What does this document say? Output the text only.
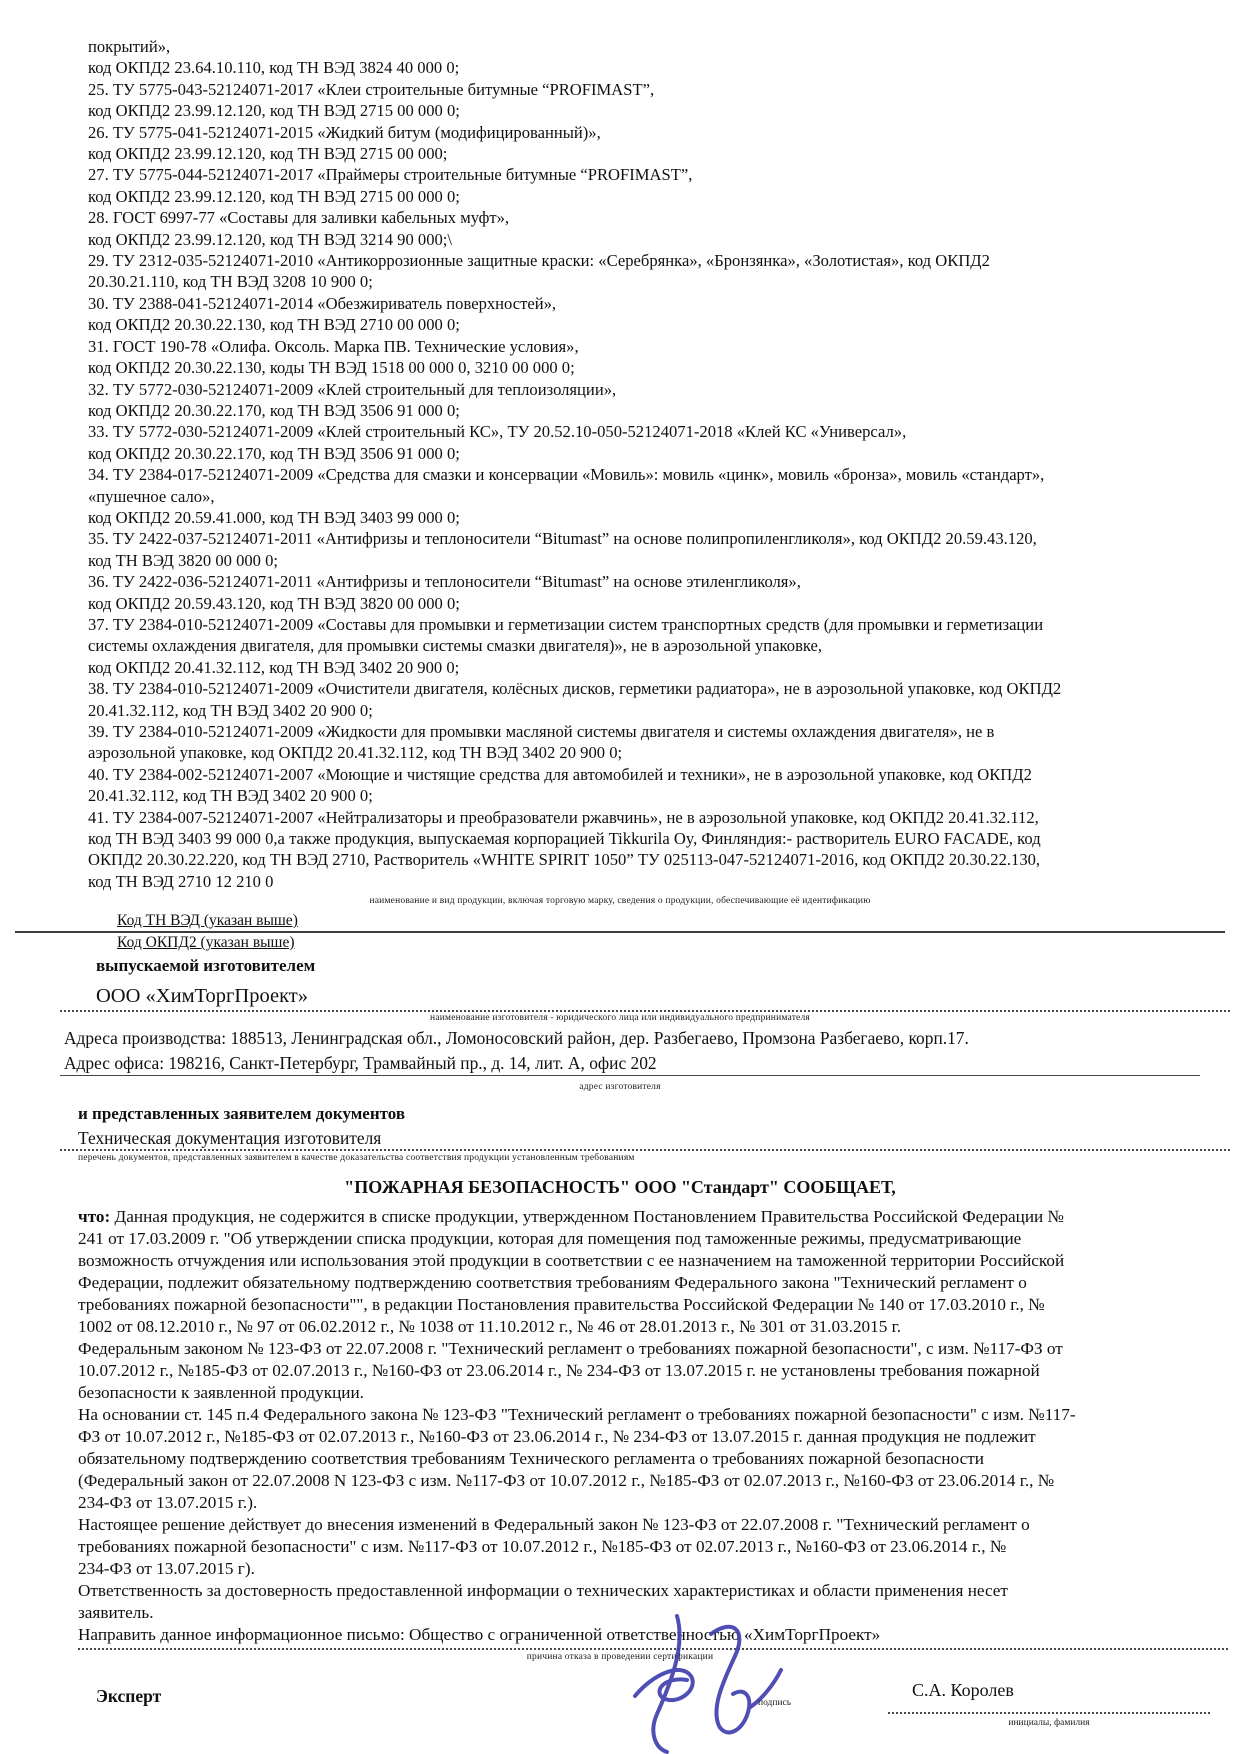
покрытий»,
код ОКПД2 23.64.10.110, код ТН ВЭД 3824 40 000 0;
25. ТУ 5775-043-52124071-2017 «Клеи строительные битумные “PROFIMAST”,
код ОКПД2 23.99.12.120, код ТН ВЭД 2715 00 000 0;
26. ТУ 5775-041-52124071-2015 «Жидкий битум (модифицированный)»,
код ОКПД2 23.99.12.120, код ТН ВЭД 2715 00 000;
27. ТУ 5775-044-52124071-2017 «Праймеры строительные битумные “PROFIMAST”,
код ОКПД2 23.99.12.120, код ТН ВЭД 2715 00 000 0;
28. ГОСТ 6997-77 «Составы для заливки кабельных муфт»,
код ОКПД2 23.99.12.120, код ТН ВЭД 3214 90 000;\
29. ТУ 2312-035-52124071-2010 «Антикоррозионные защитные краски: «Серебрянка», «Бронзянка», «Золотистая», код ОКПД2
20.30.21.110, код ТН ВЭД 3208 10 900 0;
30. ТУ 2388-041-52124071-2014 «Обезжириватель поверхностей»,
код ОКПД2 20.30.22.130, код ТН ВЭД 2710 00 000 0;
31. ГОСТ 190-78 «Олифа. Оксоль. Марка ПВ. Технические условия»,
код ОКПД2 20.30.22.130, коды ТН ВЭД 1518 00 000 0, 3210 00 000 0;
32. ТУ 5772-030-52124071-2009 «Клей строительный для теплоизоляции»,
код ОКПД2 20.30.22.170, код ТН ВЭД 3506 91 000 0;
33. ТУ 5772-030-52124071-2009 «Клей строительный КС», ТУ 20.52.10-050-52124071-2018 «Клей КС «Универсал»,
код ОКПД2 20.30.22.170, код ТН ВЭД 3506 91 000 0;
34. ТУ 2384-017-52124071-2009 «Средства для смазки и консервации «Мовиль»: мовиль «цинк», мовиль «бронза», мовиль «стандарт»,
«пушечное сало»,
код ОКПД2 20.59.41.000, код ТН ВЭД 3403 99 000 0;
35. ТУ 2422-037-52124071-2011 «Антифризы и теплоносители “Bitumast” на основе полипропиленгликоля», код ОКПД2 20.59.43.120,
код ТН ВЭД 3820 00 000 0;
36. ТУ 2422-036-52124071-2011 «Антифризы и теплоносители “Bitumast” на основе этиленгликоля»,
код ОКПД2 20.59.43.120, код ТН ВЭД 3820 00 000 0;
37. ТУ 2384-010-52124071-2009 «Составы для промывки и герметизации систем транспортных средств (для промывки и герметизации
системы охлаждения двигателя, для промывки системы смазки двигателя)», не в аэрозольной упаковке,
код ОКПД2 20.41.32.112, код ТН ВЭД 3402 20 900 0;
38. ТУ 2384-010-52124071-2009 «Очистители двигателя, колёсных дисков, герметики радиатора», не в аэрозольной упаковке, код ОКПД2
20.41.32.112, код ТН ВЭД 3402 20 900 0;
39. ТУ 2384-010-52124071-2009 «Жидкости для промывки масляной системы двигателя и системы охлаждения двигателя», не в
аэрозольной упаковке, код ОКПД2 20.41.32.112, код ТН ВЭД 3402 20 900 0;
40. ТУ 2384-002-52124071-2007 «Моющие и чистящие средства для автомобилей и техники», не в аэрозольной упаковке, код ОКПД2
20.41.32.112, код ТН ВЭД 3402 20 900 0;
41. ТУ 2384-007-52124071-2007 «Нейтрализаторы и преобразователи ржавчинь», не в аэрозольной упаковке, код ОКПД2 20.41.32.112,
код ТН ВЭД 3403 99 000 0,а также продукция, выпускаемая корпорацией Tikkurila Oy, Финляндия:- растворитель EURO FACADE, код
ОКПД2 20.30.22.220, код ТН ВЭД 2710, Растворитель «WHITE SPIRIT 1050” ТУ 025113-047-52124071-2016, код ОКПД2 20.30.22.130,
код ТН ВЭД 2710 12 210 0
наименование и вид продукции, включая торговую марку, сведения о продукции, обеспечивающие её идентификацию
Код ТН ВЭД (указан выше)
Код ОКПД2 (указан выше)
выпускаемой изготовителем
ООО «ХимТоргПроект»
наименование изготовителя - юридического лица или индивидуального предпринимателя
Адреса производства: 188513, Ленинградская обл., Ломоносовский район, дер. Разбегаево, Промзона Разбегаево, корп.17.
Адрес офиса: 198216, Санкт-Петербург, Трамвайный пр., д. 14, лит. А, офис 202
адрес изготовителя
и представленных заявителем документов
Техническая документация изготовителя
перечень документов, представленных заявителем в качестве доказательства соответствия продукции установленным требованиям
"ПОЖАРНАЯ БЕЗОПАСНОСТЬ" ООО "Стандарт" СООБЩАЕТ,
что: Данная продукция, не содержится в списке продукции, утвержденном Постановлением Правительства Российской Федерации №
241 от 17.03.2009 г. "Об утверждении списка продукции, которая для помещения под таможенные режимы, предусматривающие
возможность отчуждения или использования этой продукции в соответствии с ее назначением на таможенной территории Российской
Федерации, подлежит обязательному подтверждению соответствия требованиям Федерального закона "Технический регламент о
требованиях пожарной безопасности"", в редакции Постановления правительства Российской Федерации № 140 от 17.03.2010 г., №
1002 от 08.12.2010 г., № 97 от 06.02.2012 г., № 1038 от 11.10.2012 г., № 46 от 28.01.2013 г., № 301 от 31.03.2015 г.
Федеральным законом № 123-ФЗ от 22.07.2008 г. "Технический регламент о требованиях пожарной безопасности", с изм. №117-ФЗ от
10.07.2012 г., №185-ФЗ от 02.07.2013 г., №160-ФЗ от 23.06.2014 г., № 234-ФЗ от 13.07.2015 г. не установлены требования пожарной
безопасности к заявленной продукции.
На основании ст. 145 п.4 Федерального закона № 123-ФЗ "Технический регламент о требованиях пожарной безопасности" с изм. №117-
ФЗ от 10.07.2012 г., №185-ФЗ от 02.07.2013 г., №160-ФЗ от 23.06.2014 г., № 234-ФЗ от 13.07.2015 г. данная продукция не подлежит
обязательному подтверждению соответствия требованиям Технического регламента о требованиях пожарной безопасности
(Федеральный закон от 22.07.2008 N 123-ФЗ с изм. №117-ФЗ от 10.07.2012 г., №185-ФЗ от 02.07.2013 г., №160-ФЗ от 23.06.2014 г., №
234-ФЗ от 13.07.2015 г.).
Настоящее решение действует до внесения изменений в Федеральный закон № 123-ФЗ от 22.07.2008 г. "Технический регламент о
требованиях пожарной безопасности" с изм. №117-ФЗ от 10.07.2012 г., №185-ФЗ от 02.07.2013 г., №160-ФЗ от 23.06.2014 г., №
234-ФЗ от 13.07.2015 г).
Ответственность за достоверность предоставленной информации о технических характеристиках и области применения несет
заявитель.
Направить данное информационное письмо: Общество с ограниченной ответственностью «ХимТоргПроект»
причина отказа в проведении сертификации
Эксперт	подпись
С.А. Королев
инициалы, фамилия
